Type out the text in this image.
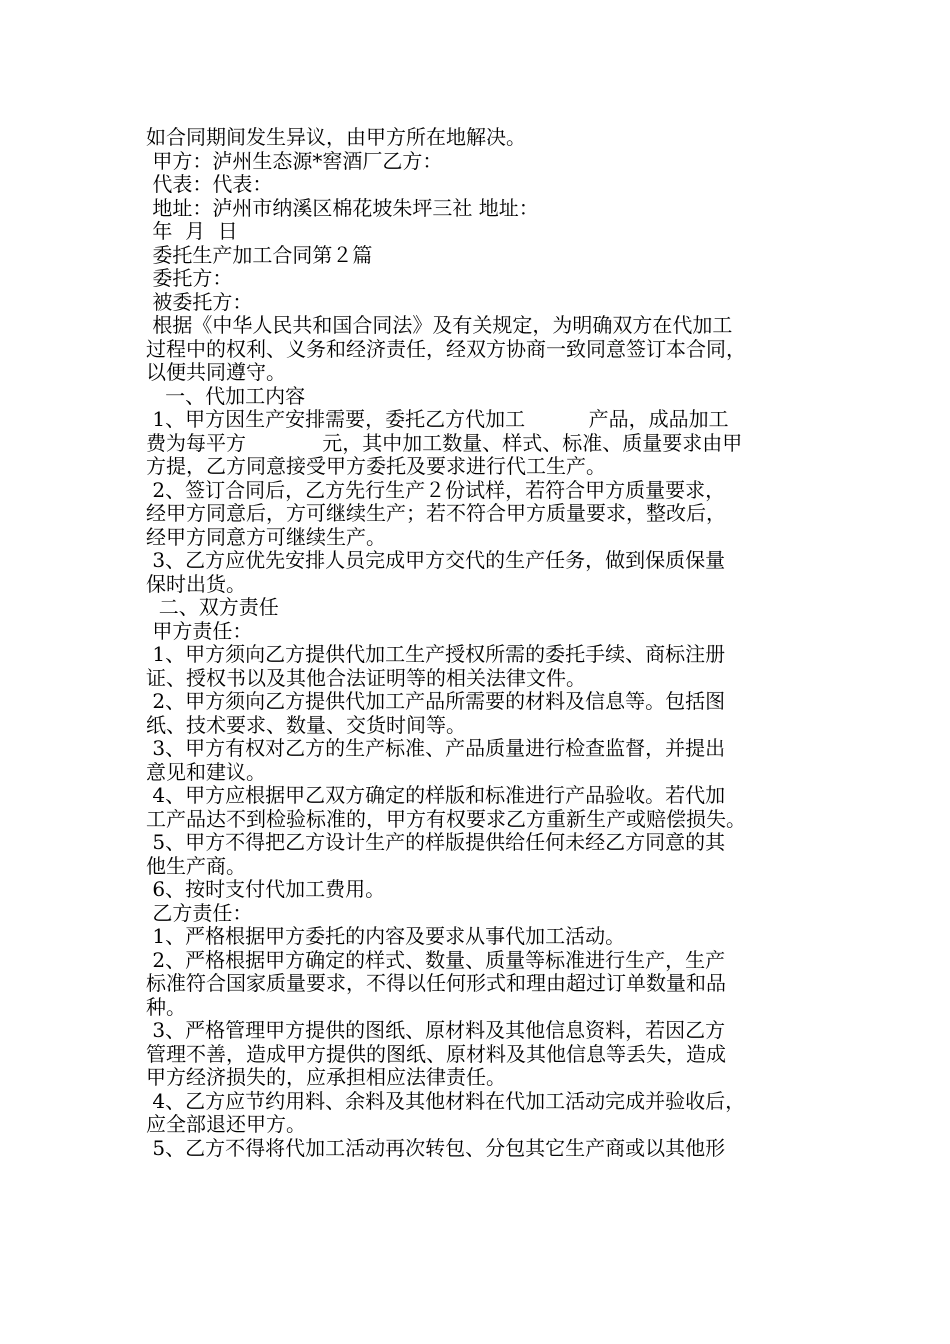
如合同期间发生异议，由甲方所在地解决。
甲方：泸州生态源*窖酒厂乙方：
代表：代表：
地址：泸州市纳溪区棉花坡朱坪三社 地址：
年  月  日
委托生产加工合同第２篇
委托方：
被委托方：
根据《中华人民共和国合同法》及有关规定，为明确双方在代加工
过程中的权利、义务和经济责任，经双方协商一致同意签订本合同，
以便共同遵守。
一、代加工内容
1、甲方因生产安排需要，委托乙方代加工          产品，成品加工
费为每平方            元，其中加工数量、样式、标准、质量要求由甲
方提，乙方同意接受甲方委托及要求进行代工生产。
2、签订合同后，乙方先行生产２份试样，若符合甲方质量要求，
经甲方同意后，方可继续生产；若不符合甲方质量要求，整改后，
经甲方同意方可继续生产。
3、乙方应优先安排人员完成甲方交代的生产任务，做到保质保量
保时出货。
二、双方责任
甲方责任：
1、甲方须向乙方提供代加工生产授权所需的委托手续、商标注册
证、授权书以及其他合法证明等的相关法律文件。
2、甲方须向乙方提供代加工产品所需要的材料及信息等。包括图
纸、技术要求、数量、交货时间等。
3、甲方有权对乙方的生产标准、产品质量进行检查监督，并提出
意见和建议。
4、甲方应根据甲乙双方确定的样版和标准进行产品验收。若代加
工产品达不到检验标准的，甲方有权要求乙方重新生产或赔偿损失。
5、甲方不得把乙方设计生产的样版提供给任何未经乙方同意的其
他生产商。
6、按时支付代加工费用。
乙方责任：
1、严格根据甲方委托的内容及要求从事代加工活动。
2、严格根据甲方确定的样式、数量、质量等标准进行生产，生产
标准符合国家质量要求，不得以任何形式和理由超过订单数量和品
种。
3、严格管理甲方提供的图纸、原材料及其他信息资料，若因乙方
管理不善，造成甲方提供的图纸、原材料及其他信息等丢失，造成
甲方经济损失的，应承担相应法律责任。
4、乙方应节约用料、余料及其他材料在代加工活动完成并验收后，
应全部退还甲方。
5、乙方不得将代加工活动再次转包、分包其它生产商或以其他形
